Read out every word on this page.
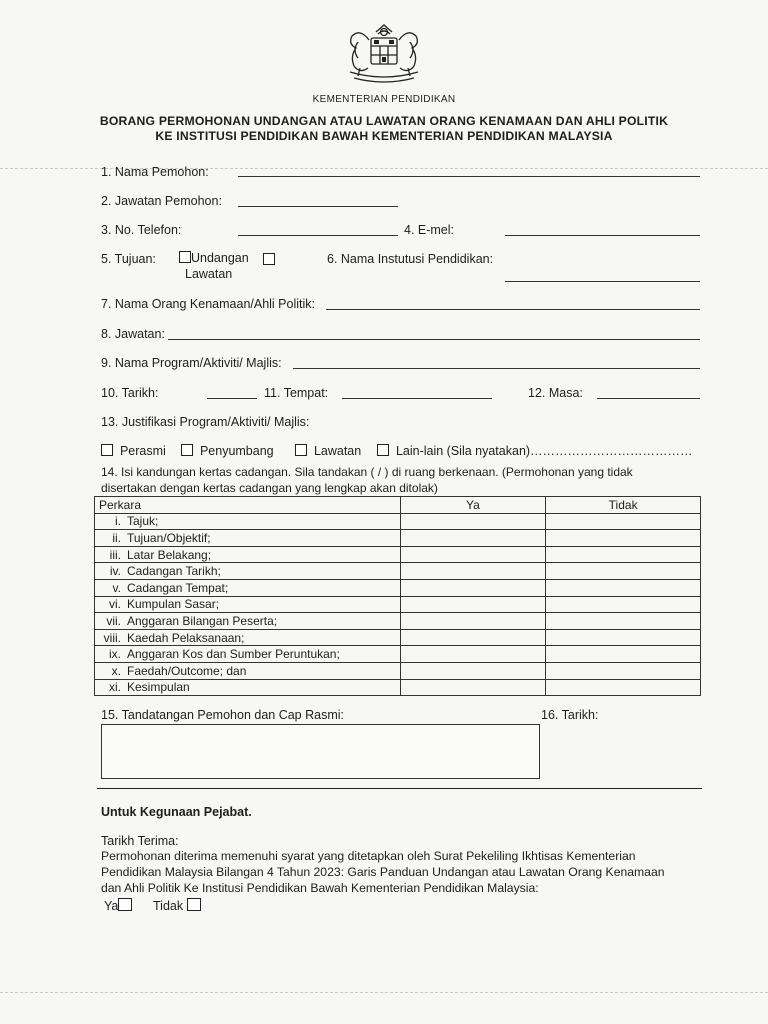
KEMENTERIAN PENDIDIKAN
BORANG PERMOHONAN UNDANGAN ATAU LAWATAN ORANG KENAMAAN DAN AHLI POLITIK
KE INSTITUSI PENDIDIKAN BAWAH KEMENTERIAN PENDIDIKAN MALAYSIA
1. Nama Pemohon:
2. Jawatan Pemohon:
3. No. Telefon:	4. E-mel:
5. Tujuan:	Undangan
Lawatan
6. Nama Instutusi Pendidikan:
7. Nama Orang Kenamaan/Ahli Politik:
8. Jawatan:
9. Nama Program/Aktiviti/ Majlis:
10. Tarikh:	11. Tempat:	12. Masa:
13. Justifikasi Program/Aktiviti/ Majlis:
Perasmi	Penyumbang	Lawatan	Lain-lain (Sila nyatakan)…………………………………
14. Isi kandungan kertas cadangan. Sila tandakan ( / ) di ruang berkenaan. (Permohonan yang tidak
disertakan dengan kertas cadangan yang lengkap akan ditolak)
Perkara	Ya	Tidak
i. Tajuk;		
ii. Tujuan/Objektif;		
iii. Latar Belakang;		
iv. Cadangan Tarikh;		
v. Cadangan Tempat;		
vi. Kumpulan Sasar;		
vii. Anggaran Bilangan Peserta;		
viii. Kaedah Pelaksanaan;		
ix. Anggaran Kos dan Sumber Peruntukan;		
x. Faedah/Outcome; dan		
xi. Kesimpulan		
15. Tandatangan Pemohon dan Cap Rasmi:	16. Tarikh:
Untuk Kegunaan Pejabat.
Tarikh Terima:
Permohonan diterima memenuhi syarat yang ditetapkan oleh Surat Pekeliling Ikhtisas Kementerian
Pendidikan Malaysia Bilangan 4 Tahun 2023: Garis Panduan Undangan atau Lawatan Orang Kenamaan
dan Ahli Politik Ke Institusi Pendidikan Bawah Kementerian Pendidikan Malaysia:
Ya	Tidak
